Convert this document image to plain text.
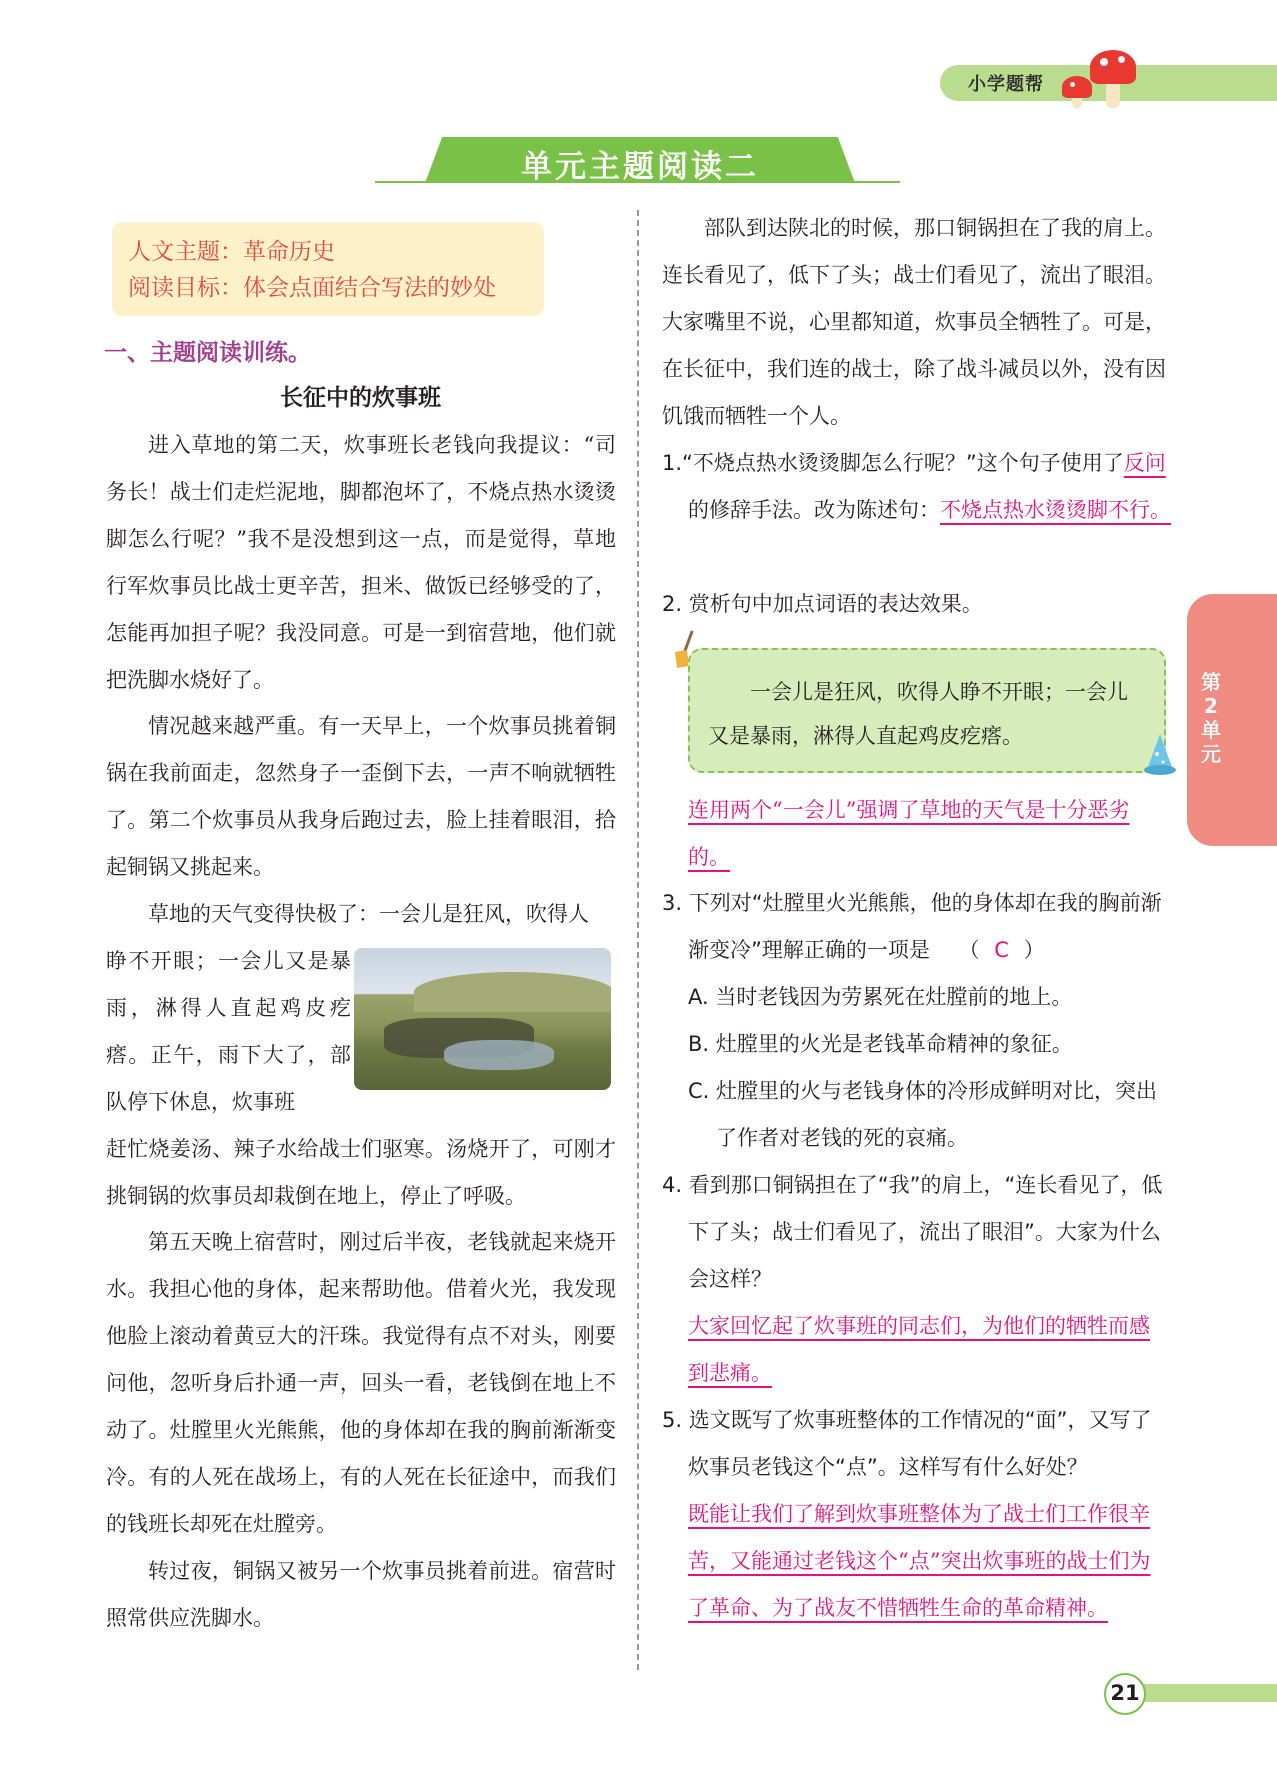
小学题帮
单元主题阅读二
人文主题：革命历史
阅读目标：体会点面结合写法的妙处
一、主题阅读训练。
长征中的炊事班

进入草地的第二天，炊事班长老钱向我提议：“司务长！战士们走烂泥地，脚都泡坏了，不烧点热水烫烫脚怎么行呢？”我不是没想到这一点，而是觉得，草地行军炊事员比战士更辛苦，担米、做饭已经够受的了，怎能再加担子呢？我没同意。可是一到宿营地，他们就把洗脚水烧好了。

情况越来越严重。有一天早上，一个炊事员挑着铜锅在我前面走，忽然身子一歪倒下去，一声不响就牺牲了。第二个炊事员从我身后跑过去，脸上挂着眼泪，拾起铜锅又挑起来。

草地的天气变得快极了：一会儿是狂风，吹得人

睁不开眼；一会儿又是暴雨，淋得人直起鸡皮疙瘩。正午，雨下大了，部队停下休息，炊事班

赶忙烧姜汤、辣子水给战士们驱寒。汤烧开了，可刚才挑铜锅的炊事员却栽倒在地上，停止了呼吸。

第五天晚上宿营时，刚过后半夜，老钱就起来烧开水。我担心他的身体，起来帮助他。借着火光，我发现他脸上滚动着黄豆大的汗珠。我觉得有点不对头，刚要问他，忽听身后扑通一声，回头一看，老钱倒在地上不动了。灶膛里火光熊熊，他的身体却在我的胸前渐渐变冷。有的人死在战场上，有的人死在长征途中，而我们的钱班长却死在灶膛旁。

转过夜，铜锅又被另一个炊事员挑着前进。宿营时照常供应洗脚水。

部队到达陕北的时候，那口铜锅担在了我的肩上。连长看见了，低下了头；战士们看见了，流出了眼泪。大家嘴里不说，心里都知道，炊事员全牺牲了。可是，在长征中，我们连的战士，除了战斗减员以外，没有因饥饿而牺牲一个人。
1.“不烧点热水烫烫脚怎么行呢？”这个句子使用了反问的修辞手法。改为陈述句：不烧点热水烫烫脚不行。
2. 赏析句中加点词语的表达效果。
一会儿是狂风，吹得人睁不开眼；一会儿又是暴雨，淋得人直起鸡皮疙瘩。
连用两个“一会儿”强调了草地的天气是十分恶劣的。
3. 下列对“灶膛里火光熊熊，他的身体却在我的胸前渐渐变冷”理解正确的一项是 （ C ）
A. 当时老钱因为劳累死在灶膛前的地上。
B. 灶膛里的火光是老钱革命精神的象征。
C. 灶膛里的火与老钱身体的冷形成鲜明对比，突出了作者对老钱的死的哀痛。
4. 看到那口铜锅担在了“我”的肩上，“连长看见了，低下了头；战士们看见了，流出了眼泪”。大家为什么会这样？
大家回忆起了炊事班的同志们，为他们的牺牲而感到悲痛。
5. 选文既写了炊事班整体的工作情况的“面”，又写了炊事员老钱这个“点”。这样写有什么好处？
既能让我们了解到炊事班整体为了战士们工作很辛苦，又能通过老钱这个“点”突出炊事班的战士们为了革命、为了战友不惜牺牲生命的革命精神。
第2单元
21
